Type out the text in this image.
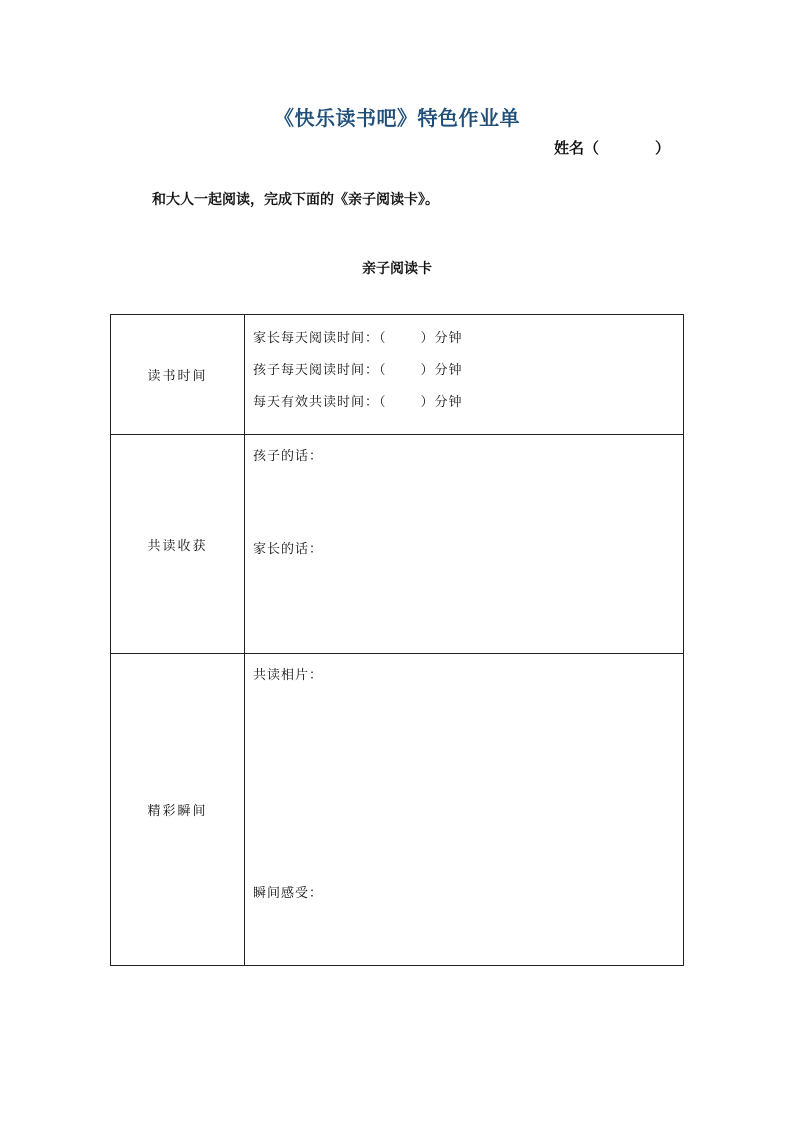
《快乐读书吧》特色作业单
姓名（	）
和大人一起阅读，完成下面的《亲子阅读卡》。
亲子阅读卡
读书时间	家长每天阅读时间：（ ）分钟
孩子每天阅读时间：（ ）分钟
每天有效共读时间：（ ）分钟

共读收获	孩子的话：
家长的话：

精彩瞬间	共读相片：
瞬间感受：
